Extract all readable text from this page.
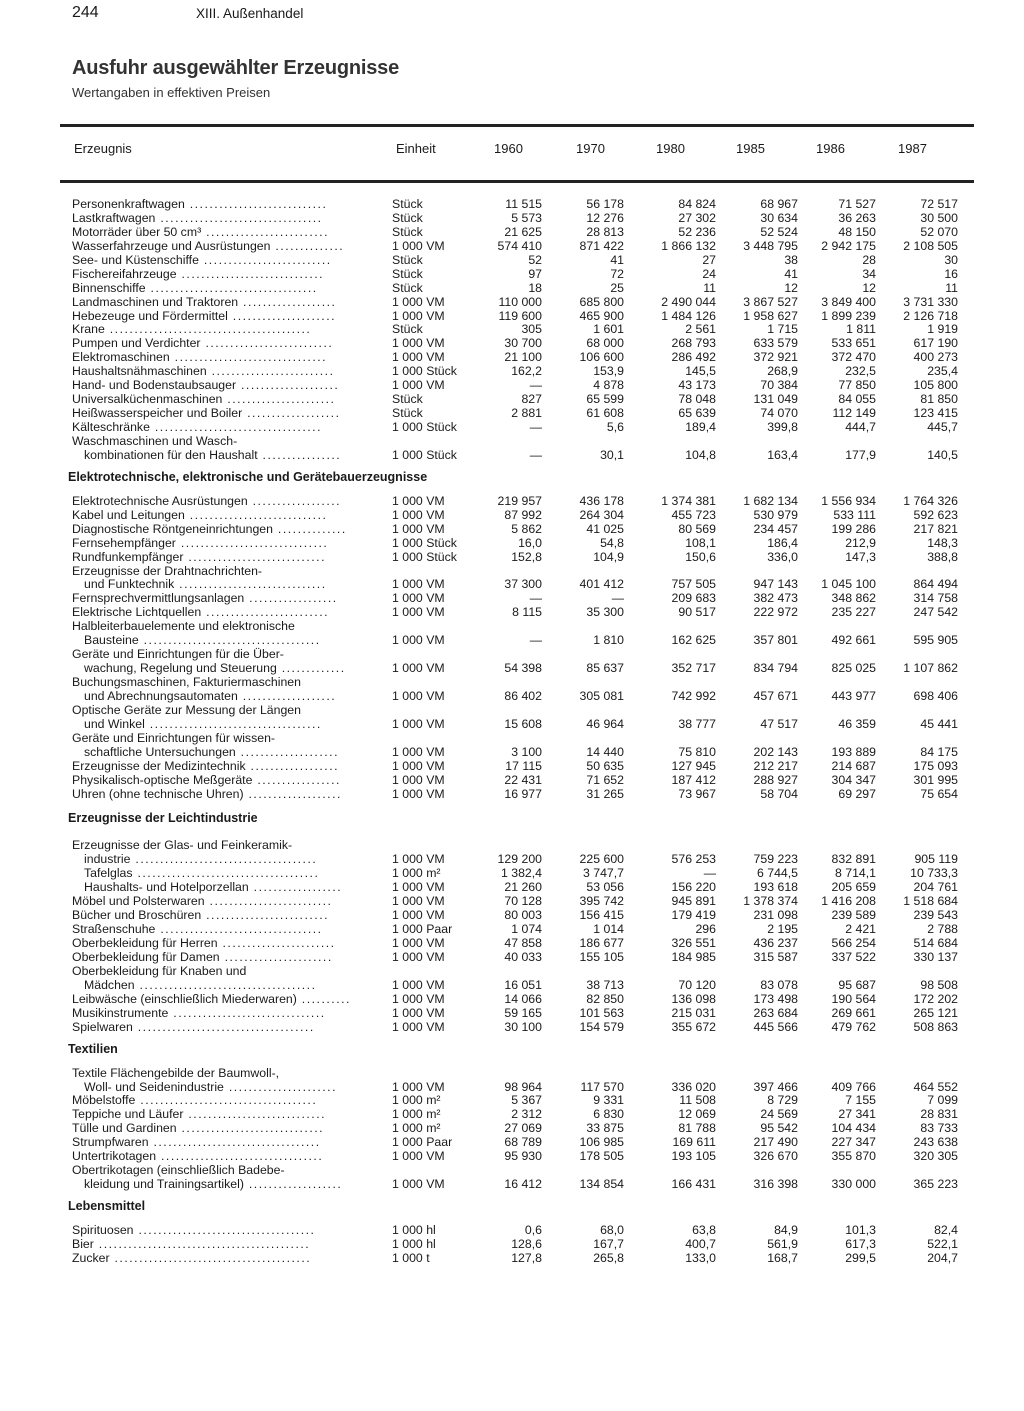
244	XIII. Außenhandel
Ausfuhr ausgewählter Erzeugnisse
Wertangaben in effektiven Preisen
Erzeugnis	Einheit	1960	1970	1980	1985	1986	1987
Personenkraftwagen ............................	Stück	11 515	56 178	84 824	68 967	71 527	72 517
Lastkraftwagen .................................	Stück	5 573	12 276	27 302	30 634	36 263	30 500
Motorräder über 50 cm³ .........................	Stück	21 625	28 813	52 236	52 524	48 150	52 070
Wasserfahrzeuge und Ausrüstungen ..............	1 000 VM	574 410	871 422	1 866 132	3 448 795	2 942 175	2 108 505
See- und Küstenschiffe ..........................	Stück	52	41	27	38	28	30
Fischereifahrzeuge .............................	Stück	97	72	24	41	34	16
Binnenschiffe ..................................	Stück	18	25	11	12	12	11
Landmaschinen und Traktoren ...................	1 000 VM	110 000	685 800	2 490 044	3 867 527	3 849 400	3 731 330
Hebezeuge und Fördermittel .....................	1 000 VM	119 600	465 900	1 484 126	1 958 627	1 899 239	2 126 718
Krane .........................................	Stück	305	1 601	2 561	1 715	1 811	1 919
Pumpen und Verdichter ..........................	1 000 VM	30 700	68 000	268 793	633 579	533 651	617 190
Elektromaschinen ...............................	1 000 VM	21 100	106 600	286 492	372 921	372 470	400 273
Haushaltsnähmaschinen .........................	1 000 Stück	162,2	153,9	145,5	268,9	232,5	235,4
Hand- und Bodenstaubsauger ....................	1 000 VM	—	4 878	43 173	70 384	77 850	105 800
Universalküchenmaschinen ......................	Stück	827	65 599	78 048	131 049	84 055	81 850
Heißwasserspeicher und Boiler ...................	Stück	2 881	61 608	65 639	74 070	112 149	123 415
Kälteschränke ..................................	1 000 Stück	—	5,6	189,4	399,8	444,7	445,7
Waschmaschinen und Wasch-
kombinationen für den Haushalt ................	1 000 Stück	—	30,1	104,8	163,4	177,9	140,5
Elektrotechnische, elektronische und Gerätebauerzeugnisse
Elektrotechnische Ausrüstungen ..................	1 000 VM	219 957	436 178	1 374 381	1 682 134	1 556 934	1 764 326
Kabel und Leitungen ............................	1 000 VM	87 992	264 304	455 723	530 979	533 111	592 623
Diagnostische Röntgeneinrichtungen ..............	1 000 VM	5 862	41 025	80 569	234 457	199 286	217 821
Fernsehempfänger ..............................	1 000 Stück	16,0	54,8	108,1	186,4	212,9	148,3
Rundfunkempfänger ............................	1 000 Stück	152,8	104,9	150,6	336,0	147,3	388,8
Erzeugnisse der Drahtnachrichten-
und Funktechnik ..............................	1 000 VM	37 300	401 412	757 505	947 143	1 045 100	864 494
Fernsprechvermittlungsanlagen ..................	1 000 VM	—	—	209 683	382 473	348 862	314 758
Elektrische Lichtquellen .........................	1 000 VM	8 115	35 300	90 517	222 972	235 227	247 542
Halbleiterbauelemente und elektronische
Bausteine ....................................	1 000 VM	—	1 810	162 625	357 801	492 661	595 905
Geräte und Einrichtungen für die Über-
wachung, Regelung und Steuerung .............	1 000 VM	54 398	85 637	352 717	834 794	825 025	1 107 862
Buchungsmaschinen, Fakturiermaschinen
und Abrechnungsautomaten ...................	1 000 VM	86 402	305 081	742 992	457 671	443 977	698 406
Optische Geräte zur Messung der Längen
und Winkel ...................................	1 000 VM	15 608	46 964	38 777	47 517	46 359	45 441
Geräte und Einrichtungen für wissen-
schaftliche Untersuchungen ....................	1 000 VM	3 100	14 440	75 810	202 143	193 889	84 175
Erzeugnisse der Medizintechnik ..................	1 000 VM	17 115	50 635	127 945	212 217	214 687	175 093
Physikalisch-optische Meßgeräte .................	1 000 VM	22 431	71 652	187 412	288 927	304 347	301 995
Uhren (ohne technische Uhren) ...................	1 000 VM	16 977	31 265	73 967	58 704	69 297	75 654
Erzeugnisse der Leichtindustrie
Erzeugnisse der Glas- und Feinkeramik-
industrie .....................................	1 000 VM	129 200	225 600	576 253	759 223	832 891	905 119
Tafelglas .....................................	1 000 m²	1 382,4	3 747,7	—	6 744,5	8 714,1	10 733,3
Haushalts- und Hotelporzellan ..................	1 000 VM	21 260	53 056	156 220	193 618	205 659	204 761
Möbel und Polsterwaren .........................	1 000 VM	70 128	395 742	945 891	1 378 374	1 416 208	1 518 684
Bücher und Broschüren .........................	1 000 VM	80 003	156 415	179 419	231 098	239 589	239 543
Straßenschuhe .................................	1 000 Paar	1 074	1 014	296	2 195	2 421	2 788
Oberbekleidung für Herren .......................	1 000 VM	47 858	186 677	326 551	436 237	566 254	514 684
Oberbekleidung für Damen ......................	1 000 VM	40 033	155 105	184 985	315 587	337 522	330 137
Oberbekleidung für Knaben und
Mädchen ....................................	1 000 VM	16 051	38 713	70 120	83 078	95 687	98 508
Leibwäsche (einschließlich Miederwaren) ..........	1 000 VM	14 066	82 850	136 098	173 498	190 564	172 202
Musikinstrumente ...............................	1 000 VM	59 165	101 563	215 031	263 684	269 661	265 121
Spielwaren ....................................	1 000 VM	30 100	154 579	355 672	445 566	479 762	508 863
Textilien
Textile Flächengebilde der Baumwoll-,
Woll- und Seidenindustrie ......................	1 000 VM	98 964	117 570	336 020	397 466	409 766	464 552
Möbelstoffe ....................................	1 000 m²	5 367	9 331	11 508	8 729	7 155	7 099
Teppiche und Läufer ............................	1 000 m²	2 312	6 830	12 069	24 569	27 341	28 831
Tülle und Gardinen .............................	1 000 m²	27 069	33 875	81 788	95 542	104 434	83 733
Strumpfwaren ..................................	1 000 Paar	68 789	106 985	169 611	217 490	227 347	243 638
Untertrikotagen .................................	1 000 VM	95 930	178 505	193 105	326 670	355 870	320 305
Obertrikotagen (einschließlich Badebe-
kleidung und Trainingsartikel) ...................	1 000 VM	16 412	134 854	166 431	316 398	330 000	365 223
Lebensmittel
Spirituosen ....................................	1 000 hl	0,6	68,0	63,8	84,9	101,3	82,4
Bier ...........................................	1 000 hl	128,6	167,7	400,7	561,9	617,3	522,1
Zucker ........................................	1 000 t	127,8	265,8	133,0	168,7	299,5	204,7
